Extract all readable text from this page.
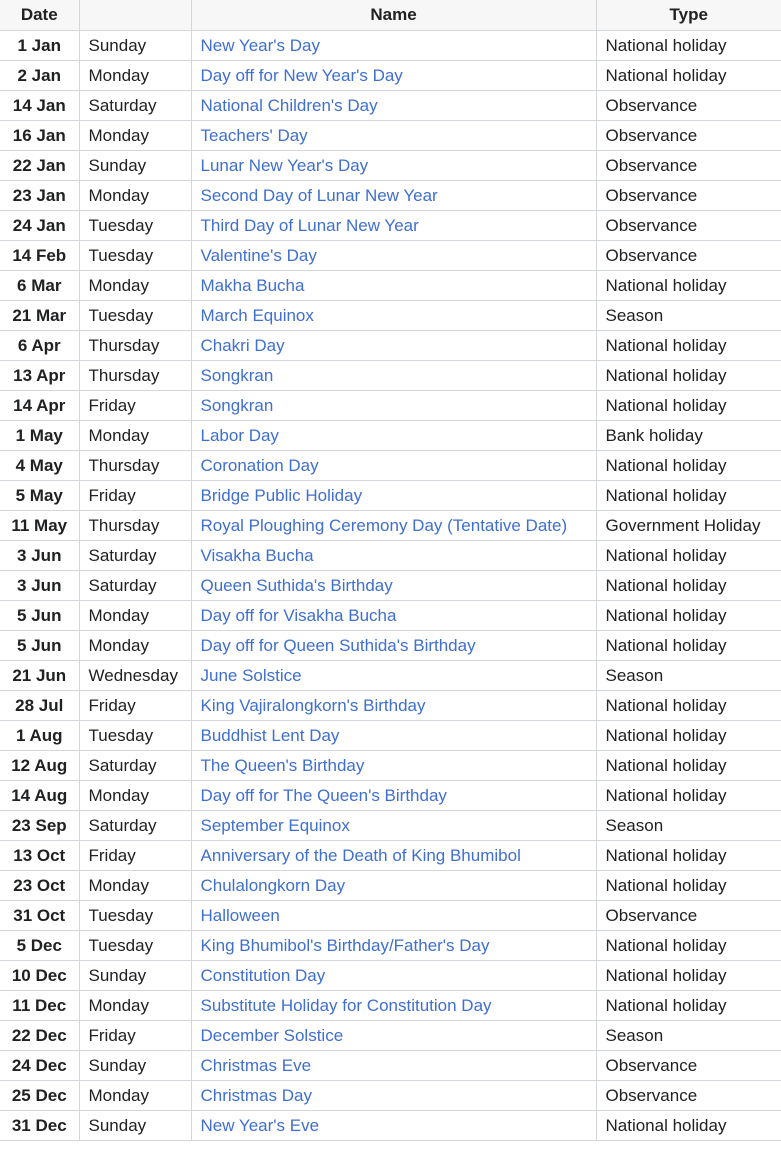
Date		Name	Type
1 Jan	Sunday	New Year's Day	National holiday
2 Jan	Monday	Day off for New Year's Day	National holiday
14 Jan	Saturday	National Children's Day	Observance
16 Jan	Monday	Teachers' Day	Observance
22 Jan	Sunday	Lunar New Year's Day	Observance
23 Jan	Monday	Second Day of Lunar New Year	Observance
24 Jan	Tuesday	Third Day of Lunar New Year	Observance
14 Feb	Tuesday	Valentine's Day	Observance
6 Mar	Monday	Makha Bucha	National holiday
21 Mar	Tuesday	March Equinox	Season
6 Apr	Thursday	Chakri Day	National holiday
13 Apr	Thursday	Songkran	National holiday
14 Apr	Friday	Songkran	National holiday
1 May	Monday	Labor Day	Bank holiday
4 May	Thursday	Coronation Day	National holiday
5 May	Friday	Bridge Public Holiday	National holiday
11 May	Thursday	Royal Ploughing Ceremony Day (Tentative Date)	Government Holiday
3 Jun	Saturday	Visakha Bucha	National holiday
3 Jun	Saturday	Queen Suthida's Birthday	National holiday
5 Jun	Monday	Day off for Visakha Bucha	National holiday
5 Jun	Monday	Day off for Queen Suthida's Birthday	National holiday
21 Jun	Wednesday	June Solstice	Season
28 Jul	Friday	King Vajiralongkorn's Birthday	National holiday
1 Aug	Tuesday	Buddhist Lent Day	National holiday
12 Aug	Saturday	The Queen's Birthday	National holiday
14 Aug	Monday	Day off for The Queen's Birthday	National holiday
23 Sep	Saturday	September Equinox	Season
13 Oct	Friday	Anniversary of the Death of King Bhumibol	National holiday
23 Oct	Monday	Chulalongkorn Day	National holiday
31 Oct	Tuesday	Halloween	Observance
5 Dec	Tuesday	King Bhumibol's Birthday/Father's Day	National holiday
10 Dec	Sunday	Constitution Day	National holiday
11 Dec	Monday	Substitute Holiday for Constitution Day	National holiday
22 Dec	Friday	December Solstice	Season
24 Dec	Sunday	Christmas Eve	Observance
25 Dec	Monday	Christmas Day	Observance
31 Dec	Sunday	New Year's Eve	National holiday
